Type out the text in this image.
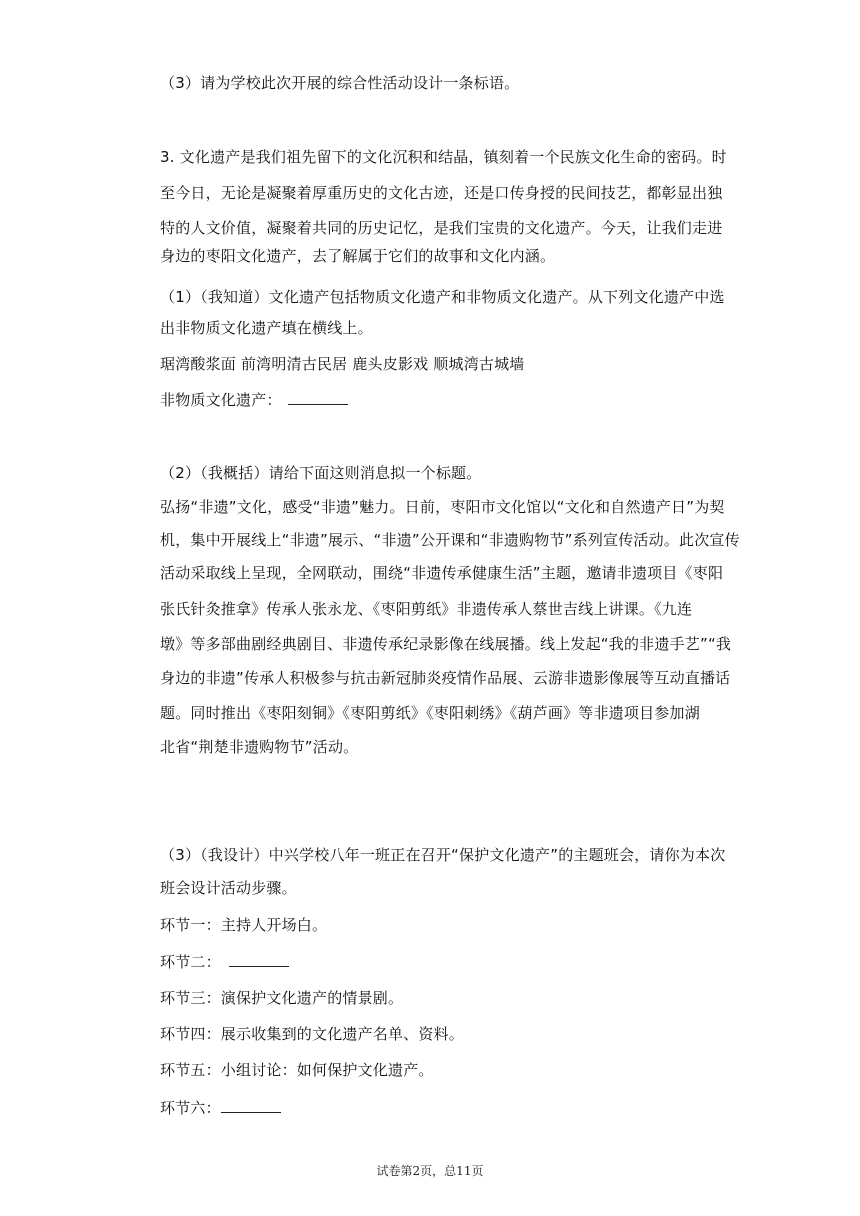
（3）请为学校此次开展的综合性活动设计一条标语。
3. 文化遗产是我们祖先留下的文化沉积和结晶，镇刻着一个民族文化生命的密码。时
至今日，无论是凝聚着厚重历史的文化古迹，还是口传身授的民间技艺，都彰显出独
特的人文价值，凝聚着共同的历史记忆，是我们宝贵的文化遗产。今天，让我们走进
身边的枣阳文化遗产，去了解属于它们的故事和文化内涵。
（1）（我知道）文化遗产包括物质文化遗产和非物质文化遗产。从下列文化遗产中选
出非物质文化遗产填在横线上。
琚湾酸浆面 前湾明清古民居 鹿头皮影戏 顺城湾古城墙
非物质文化遗产：
（2）（我概括）请给下面这则消息拟一个标题。
弘扬“非遗”文化，感受“非遗”魅力。日前，枣阳市文化馆以“文化和自然遗产日”为契
机，集中开展线上“非遗”展示、“非遗”公开课和“非遗购物节”系列宣传活动。此次宣传
活动采取线上呈现，全网联动，围绕“非遗传承健康生活”主题，邀请非遗项目《枣阳
张氏针灸推拿》传承人张永龙、《枣阳剪纸》非遗传承人蔡世吉线上讲课。《九连
墩》等多部曲剧经典剧目、非遗传承纪录影像在线展播。线上发起“我的非遗手艺”“我
身边的非遗”传承人积极参与抗击新冠肺炎疫情作品展、云游非遗影像展等互动直播话
题。同时推出《枣阳刻铜》《枣阳剪纸》《枣阳刺绣》《葫芦画》等非遗项目参加湖
北省“荆楚非遗购物节”活动。
（3）（我设计）中兴学校八年一班正在召开“保护文化遗产”的主题班会，请你为本次
班会设计活动步骤。
环节一：主持人开场白。
环节二：
环节三：演保护文化遗产的情景剧。
环节四：展示收集到的文化遗产名单、资料。
环节五：小组讨论：如何保护文化遗产。
环节六：
试卷第2页，总11页
